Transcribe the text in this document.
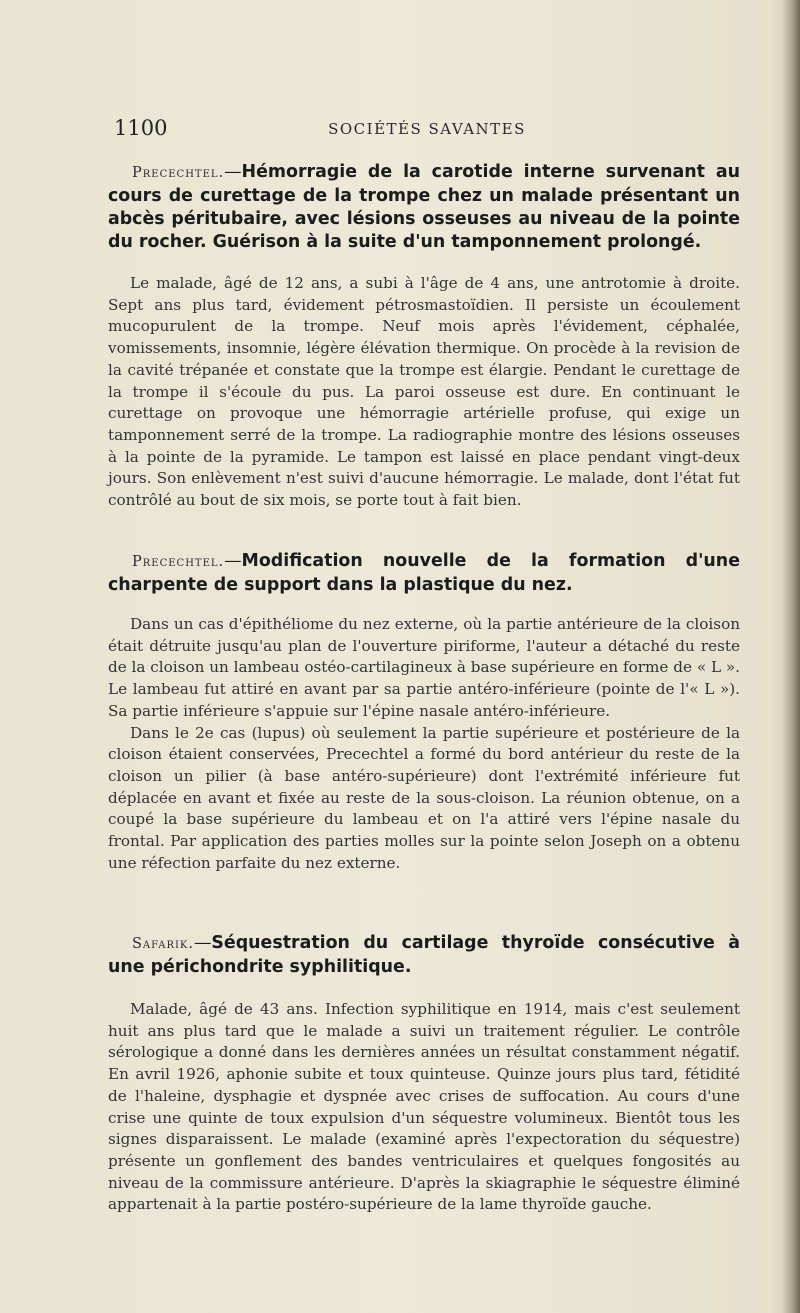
1100	SOCIÉTÉS SAVANTES

Precechtel.—Hémorragie de la carotide interne survenant au cours de curettage de la trompe chez un malade présentant un abcès péritubaire, avec lésions osseuses au niveau de la pointe du rocher. Guérison à la suite d'un tamponnement prolongé.

Le malade, âgé de 12 ans, a subi à l'âge de 4 ans, une antrotomie à droite. Sept ans plus tard, évidement pétrosmastoïdien. Il persiste un écoulement mucopurulent de la trompe. Neuf mois après l'évidement, céphalée, vomissements, insomnie, légère élévation thermique. On procède à la revision de la cavité trépanée et constate que la trompe est élargie. Pendant le curettage de la trompe il s'écoule du pus. La paroi osseuse est dure. En continuant le curettage on provoque une hémorragie artérielle profuse, qui exige un tamponnement serré de la trompe. La radiographie montre des lésions osseuses à la pointe de la pyramide. Le tampon est laissé en place pendant vingt-deux jours. Son enlèvement n'est suivi d'aucune hémorragie. Le malade, dont l'état fut contrôlé au bout de six mois, se porte tout à fait bien.

Precechtel.—Modification nouvelle de la formation d'une charpente de support dans la plastique du nez.

Dans un cas d'épithéliome du nez externe, où la partie antérieure de la cloison était détruite jusqu'au plan de l'ouverture piriforme, l'auteur a détaché du reste de la cloison un lambeau ostéo-cartilagineux à base supérieure en forme de « L ». Le lambeau fut attiré en avant par sa partie antéro-inférieure (pointe de l'« L »). Sa partie inférieure s'appuie sur l'épine nasale antéro-inférieure.

Dans le 2e cas (lupus) où seulement la partie supérieure et postérieure de la cloison étaient conservées, Precechtel a formé du bord antérieur du reste de la cloison un pilier (à base antéro-supérieure) dont l'extrémité inférieure fut déplacée en avant et fixée au reste de la sous-cloison. La réunion obtenue, on a coupé la base supérieure du lambeau et on l'a attiré vers l'épine nasale du frontal. Par application des parties molles sur la pointe selon Joseph on a obtenu une réfection parfaite du nez externe.

Safarik.—Séquestration du cartilage thyroïde consécutive à une périchondrite syphilitique.

Malade, âgé de 43 ans. Infection syphilitique en 1914, mais c'est seulement huit ans plus tard que le malade a suivi un traitement régulier. Le contrôle sérologique a donné dans les dernières années un résultat constamment négatif. En avril 1926, aphonie subite et toux quinteuse. Quinze jours plus tard, fétidité de l'haleine, dysphagie et dyspnée avec crises de suffocation. Au cours d'une crise une quinte de toux expulsion d'un séquestre volumineux. Bientôt tous les signes disparaissent. Le malade (examiné après l'expectoration du séquestre) présente un gonflement des bandes ventriculaires et quelques fongosités au niveau de la commissure antérieure. D'après la skiagraphie le séquestre éliminé appartenait à la partie postéro-supérieure de la lame thyroïde gauche.
